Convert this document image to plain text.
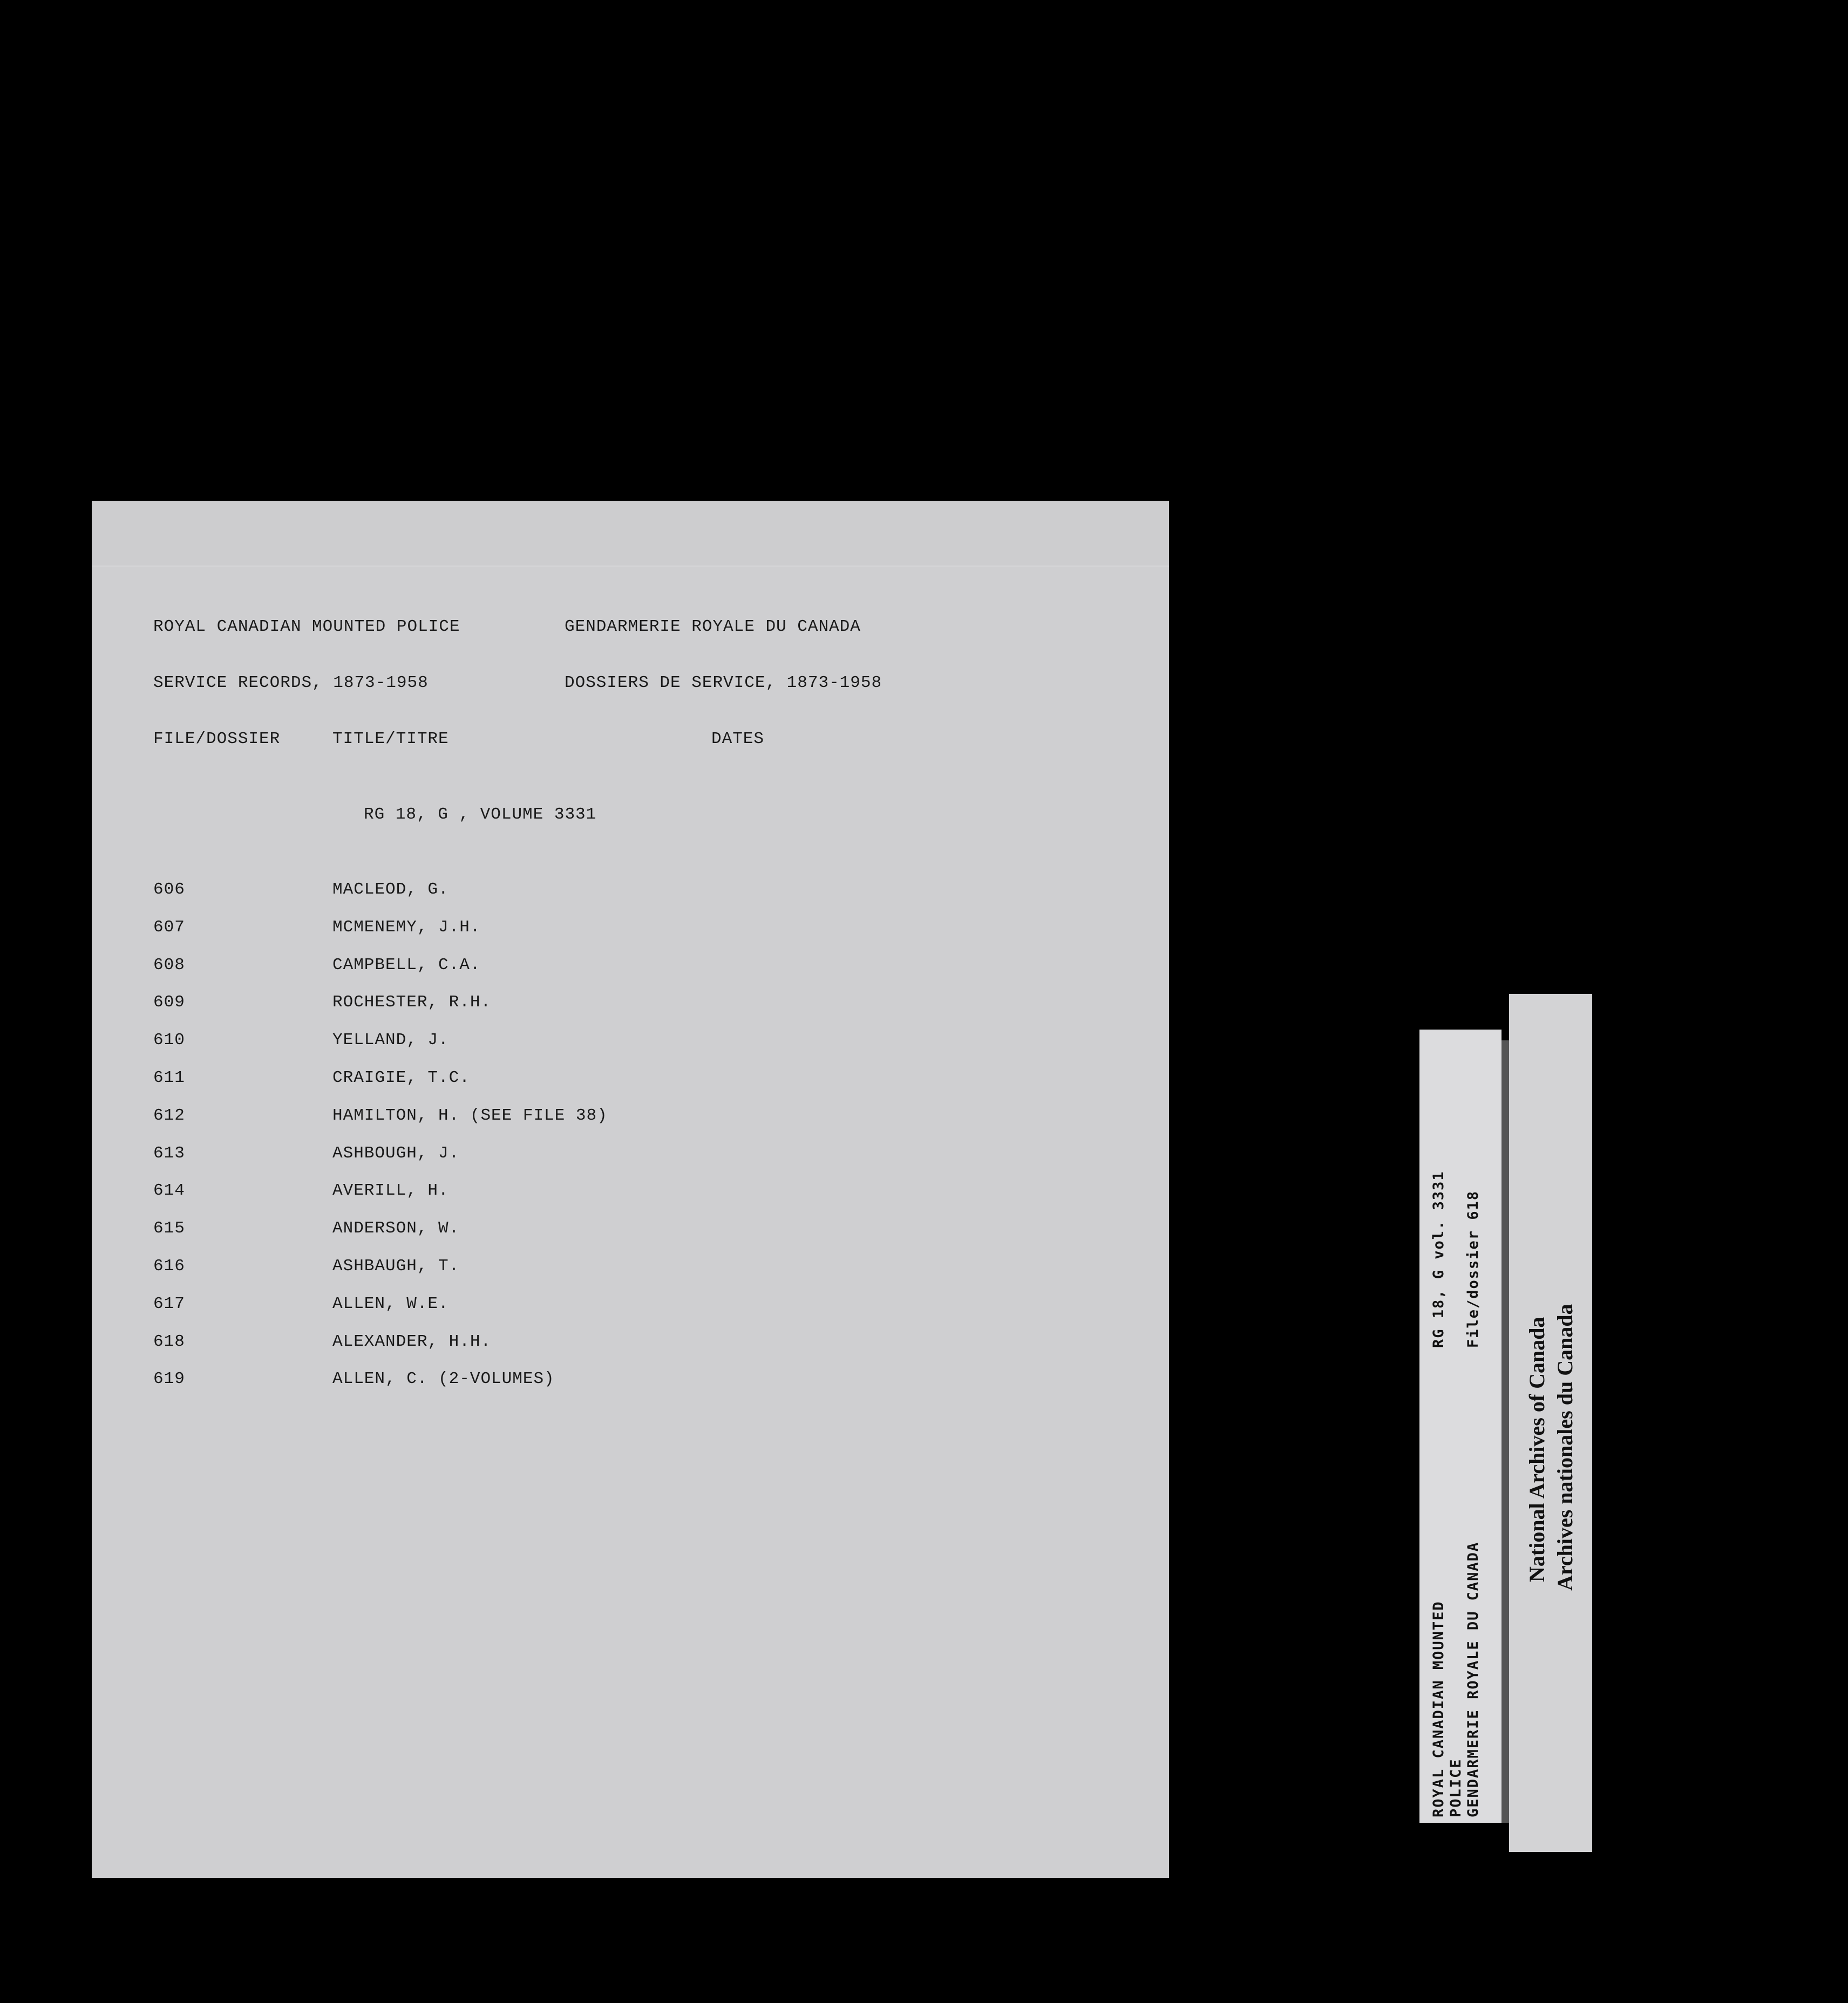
ROYAL CANADIAN MOUNTED POLICE	GENDARMERIE ROYALE DU CANADA
SERVICE RECORDS, 1873-1958	DOSSIERS DE SERVICE, 1873-1958
FILE/DOSSIER	TITLE/TITRE	DATES
RG 18, G , VOLUME 3331
606	MACLEOD, G.
607	MCMENEMY, J.H.
608	CAMPBELL, C.A.
609	ROCHESTER, R.H.
610	YELLAND, J.
611	CRAIGIE, T.C.
612	HAMILTON, H. (SEE FILE 38)
613	ASHBOUGH, J.
614	AVERILL, H.
615	ANDERSON, W.
616	ASHBAUGH, T.
617	ALLEN, W.E.
618	ALEXANDER, H.H.
619	ALLEN, C. (2-VOLUMES)
ROYAL CANADIAN MOUNTED POLICE GENDARMERIE ROYALE DU CANADA
RG 18, G vol. 3331 File/dossier 618
National Archives of Canada Archives nationales du Canada
